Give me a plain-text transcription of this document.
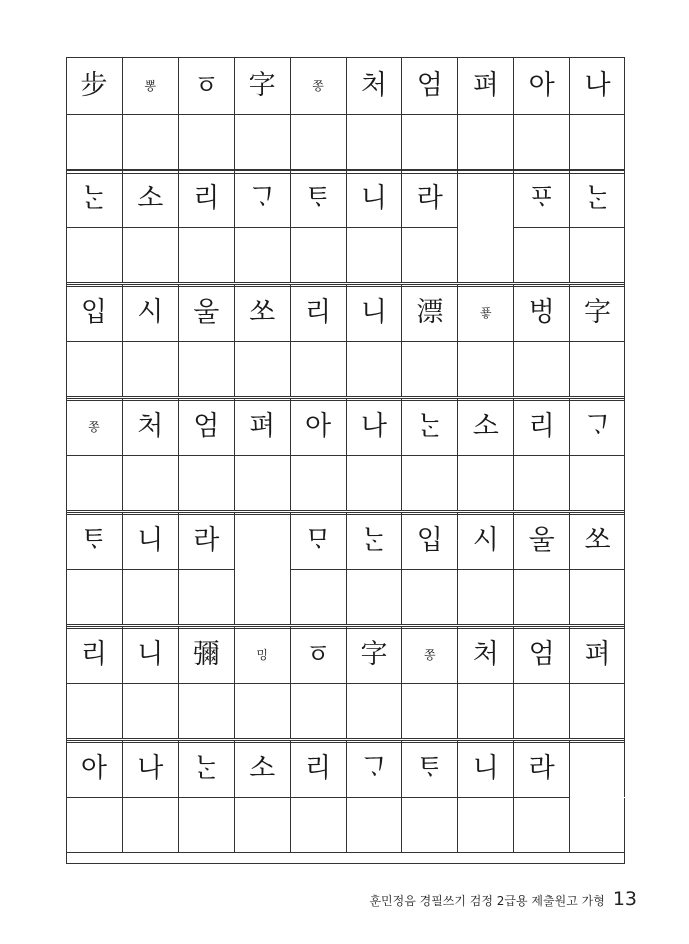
步	뽕 ㆆ 字	쫑 처 엄 펴 아 나
ᄂᆞᆫ 소 리 ᄀᆞ ᄐᆞ 니 라	ᄑᆞ ᄂᆞᆫ
입 시 울 쏘 리 니 漂	푷 벙 字
쫑 처 엄 펴 아 나 ᄂᆞᆫ 소 리 ᄀᆞ
ᄐᆞ 니 라	ᄆᆞ ᄂᆞᆫ 입 시 울 쏘
리 니 彌	밍 ㆆ 字	쫑 처 엄 펴
아 나 ᄂᆞᆫ 소 리 ᄀᆞ ᄐᆞ 니 라
훈민정음 경필쓰기 검정 2급용 제출원고 가형 13
